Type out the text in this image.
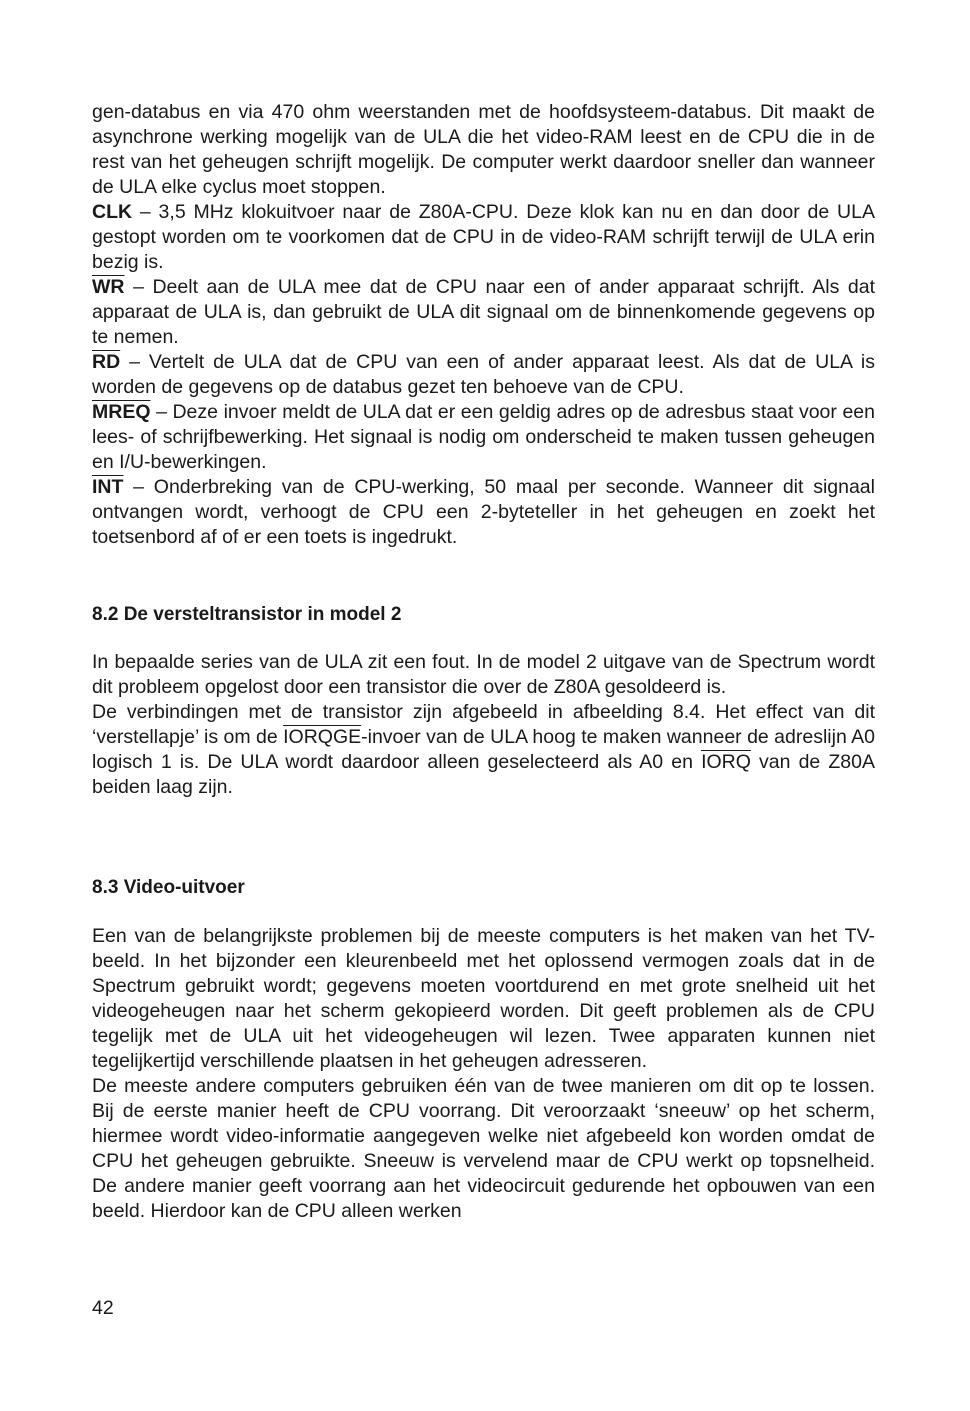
gen-databus en via 470 ohm weerstanden met de hoofdsysteem-databus. Dit maakt de asynchrone werking mogelijk van de ULA die het video-RAM leest en de CPU die in de rest van het geheugen schrijft mogelijk. De computer werkt daardoor sneller dan wanneer de ULA elke cyclus moet stoppen.

CLK – 3,5 MHz klokuitvoer naar de Z80A-CPU. Deze klok kan nu en dan door de ULA gestopt worden om te voorkomen dat de CPU in de video-RAM schrijft terwijl de ULA erin bezig is.

$\overline{WR}$ – Deelt aan de ULA mee dat de CPU naar een of ander apparaat schrijft. Als dat apparaat de ULA is, dan gebruikt de ULA dit signaal om de binnenkomende gegevens op te nemen.

$\overline{RD}$ – Vertelt de ULA dat de CPU van een of ander apparaat leest. Als dat de ULA is worden de gegevens op de databus gezet ten behoeve van de CPU.

MREQ – Deze invoer meldt de ULA dat er een geldig adres op de adresbus staat voor een lees- of schrijfbewerking. Het signaal is nodig om onderscheid te maken tussen geheugen en I/U-bewerkingen.

$\overline{INT}$ – Onderbreking van de CPU-werking, 50 maal per seconde. Wanneer dit signaal ontvangen wordt, verhoogt de CPU een 2-byteteller in het geheugen en zoekt het toetsenbord af of er een toets is ingedrukt.

8.2 De versteltransistor in model 2

In bepaalde series van de ULA zit een fout. In de model 2 uitgave van de Spectrum wordt dit probleem opgelost door een transistor die over de Z80A gesoldeerd is.

De verbindingen met de transistor zijn afgebeeld in afbeelding 8.4. Het effect van dit ‘verstellapje’ is om de IORQGE-invoer van de ULA hoog te maken wanneer de adreslijn A0 logisch 1 is. De ULA wordt daardoor alleen geselecteerd als A0 en IORQ van de Z80A beiden laag zijn.

8.3 Video-uitvoer

Een van de belangrijkste problemen bij de meeste computers is het maken van het TV-beeld. In het bijzonder een kleurenbeeld met het oplossend vermogen zoals dat in de Spectrum gebruikt wordt; gegevens moeten voortdurend en met grote snelheid uit het videogeheugen naar het scherm gekopieerd worden. Dit geeft problemen als de CPU tegelijk met de ULA uit het videogeheugen wil lezen. Twee apparaten kunnen niet tegelijkertijd verschillende plaatsen in het geheugen adresseren.

De meeste andere computers gebruiken één van de twee manieren om dit op te lossen. Bij de eerste manier heeft de CPU voorrang. Dit veroorzaakt ‘sneeuw’ op het scherm, hiermee wordt video-informatie aangegeven welke niet afgebeeld kon worden omdat de CPU het geheugen gebruikte. Sneeuw is vervelend maar de CPU werkt op topsnelheid. De andere manier geeft voorrang aan het videocircuit gedurende het opbouwen van een beeld. Hierdoor kan de CPU alleen werken

42
